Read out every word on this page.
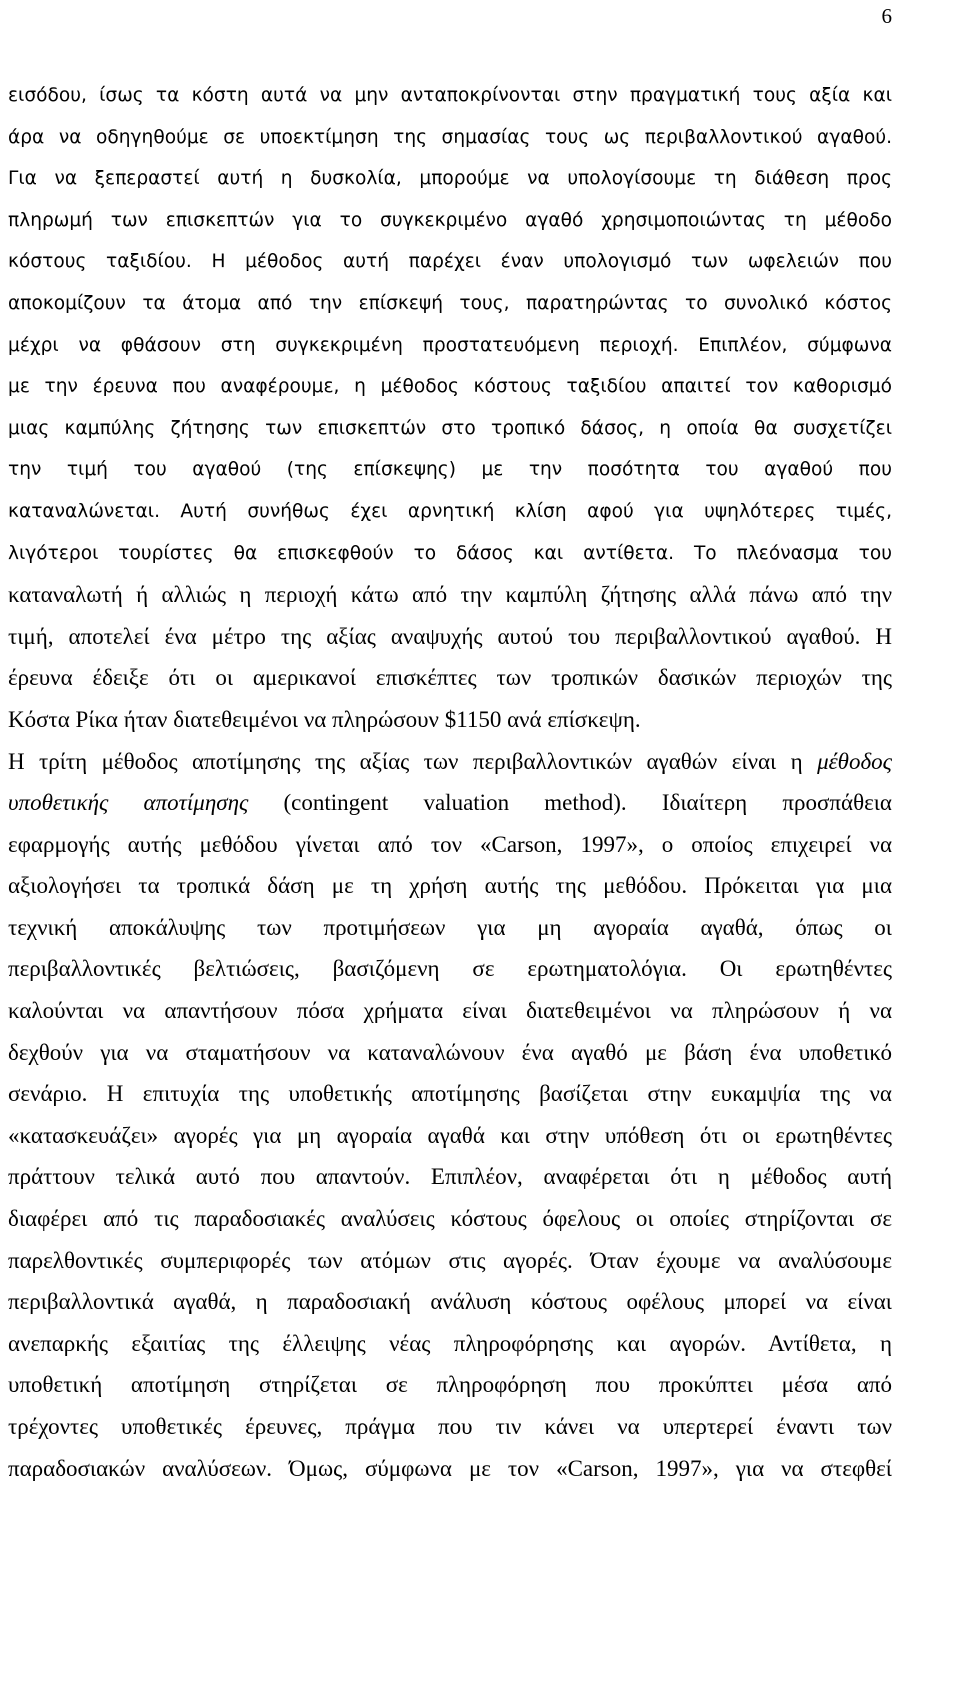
6
εισόδου, ίσως τα κόστη αυτά να μην ανταποκρίνονται στην πραγματική τους αξία και
άρα να οδηγηθούμε σε υποεκτίμηση της σημασίας τους ως περιβαλλοντικού αγαθού.
Για να ξεπεραστεί αυτή η δυσκολία, μπορούμε να υπολογίσουμε τη διάθεση προς
πληρωμή των επισκεπτών για το συγκεκριμένο αγαθό χρησιμοποιώντας τη μέθοδο
κόστους ταξιδίου. Η μέθοδος αυτή παρέχει έναν υπολογισμό των ωφελειών που
αποκομίζουν τα άτομα από την επίσκεψή τους, παρατηρώντας το συνολικό κόστος
μέχρι να φθάσουν στη συγκεκριμένη προστατευόμενη περιοχή. Επιπλέον, σύμφωνα
με την έρευνα που αναφέρουμε, η μέθοδος κόστους ταξιδίου απαιτεί τον καθορισμό
μιας καμπύλης ζήτησης των επισκεπτών στο τροπικό δάσος, η οποία θα συσχετίζει
την τιμή του αγαθού (της επίσκεψης) με την ποσότητα του αγαθού που
καταναλώνεται. Αυτή συνήθως έχει αρνητική κλίση αφού για υψηλότερες τιμές,
λιγότεροι τουρίστες θα επισκεφθούν το δάσος και αντίθετα. Το πλεόνασμα του
καταναλωτή ή αλλιώς η περιοχή κάτω από την καμπύλη ζήτησης αλλά πάνω από την
τιμή, αποτελεί ένα μέτρο της αξίας αναψυχής αυτού του περιβαλλοντικού αγαθού. Η
έρευνα έδειξε ότι οι αμερικανοί επισκέπτες των τροπικών δασικών περιοχών της
Κόστα Ρίκα ήταν διατεθειμένοι να πληρώσουν $1150 ανά επίσκεψη.
Η τρίτη μέθοδος αποτίμησης της αξίας των περιβαλλοντικών αγαθών είναι η μέθοδος
υποθετικής αποτίμησης (contingent valuation method). Ιδιαίτερη προσπάθεια
εφαρμογής αυτής μεθόδου γίνεται από τον «Carson, 1997», ο οποίος επιχειρεί να
αξιολογήσει τα τροπικά δάση με τη χρήση αυτής της μεθόδου. Πρόκειται για μια
τεχνική αποκάλυψης των προτιμήσεων για μη αγοραία αγαθά, όπως οι
περιβαλλοντικές βελτιώσεις, βασιζόμενη σε ερωτηματολόγια. Οι ερωτηθέντες
καλούνται να απαντήσουν πόσα χρήματα είναι διατεθειμένοι να πληρώσουν ή να
δεχθούν για να σταματήσουν να καταναλώνουν ένα αγαθό με βάση ένα υποθετικό
σενάριο. Η επιτυχία της υποθετικής αποτίμησης βασίζεται στην ευκαμψία της να
«κατασκευάζει» αγορές για μη αγοραία αγαθά και στην υπόθεση ότι οι ερωτηθέντες
πράττουν τελικά αυτό που απαντούν. Επιπλέον, αναφέρεται ότι η μέθοδος αυτή
διαφέρει από τις παραδοσιακές αναλύσεις κόστους όφελους οι οποίες στηρίζονται σε
παρελθοντικές συμπεριφορές των ατόμων στις αγορές. Όταν έχουμε να αναλύσουμε
περιβαλλοντικά αγαθά, η παραδοσιακή ανάλυση κόστους οφέλους μπορεί να είναι
ανεπαρκής εξαιτίας της έλλειψης νέας πληροφόρησης και αγορών. Αντίθετα, η
υποθετική αποτίμηση στηρίζεται σε πληροφόρηση που προκύπτει μέσα από
τρέχοντες υποθετικές έρευνες, πράγμα που τιν κάνει να υπερτερεί έναντι των
παραδοσιακών αναλύσεων. Όμως, σύμφωνα με τον «Carson, 1997», για να στεφθεί
